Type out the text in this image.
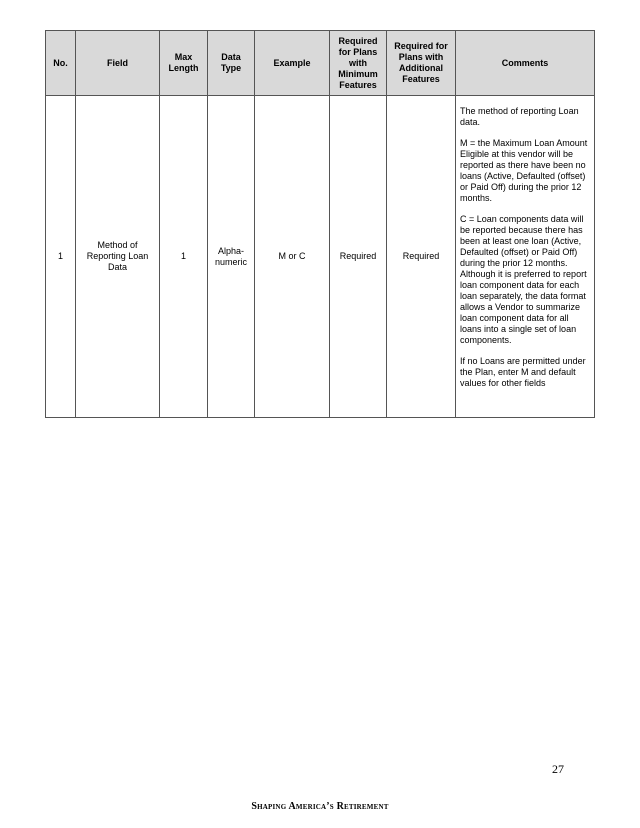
No.	Field	Max Length	Data Type	Example	Required for Plans with Minimum Features	Required for Plans with Additional Features	Comments
1	Method of Reporting Loan Data	1	Alpha-numeric	M or C	Required	Required	The method of reporting Loan data.

M = the Maximum Loan Amount Eligible at this vendor will be reported as there have been no loans (Active, Defaulted (offset) or Paid Off) during the prior 12 months.

C = Loan components data will be reported because there has been at least one loan (Active, Defaulted (offset) or Paid Off) during the prior 12 months. Although it is preferred to report loan component data for each loan separately, the data format allows a Vendor to summarize loan component data for all loans into a single set of loan components.

If no Loans are permitted under the Plan, enter M and default values for other fields

27
Shaping America’s Retirement
